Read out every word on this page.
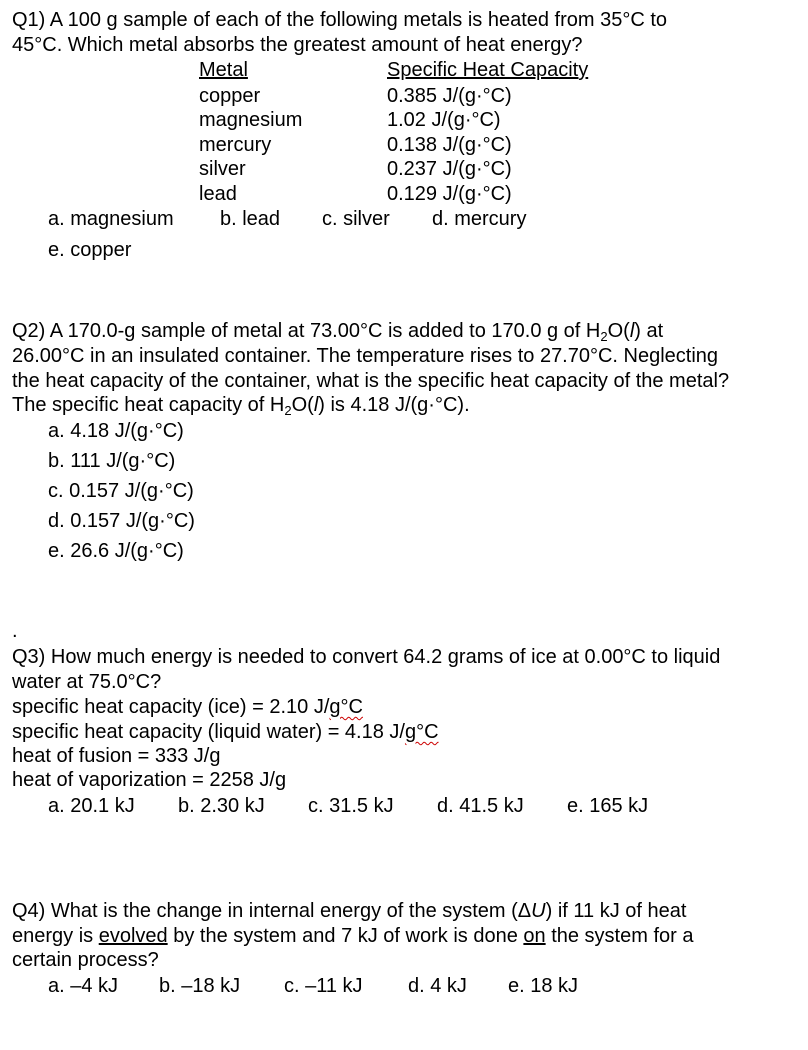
Q1) A 100 g sample of each of the following metals is heated from 35°C to
45°C. Which metal absorbs the greatest amount of heat energy?
Metal	Specific Heat Capacity
copper	0.385 J/(g·°C)
magnesium	1.02 J/(g·°C)
mercury	0.138 J/(g·°C)
silver	0.237 J/(g·°C)
lead	0.129 J/(g·°C)
a. magnesium b. lead c. silver d. mercury
e. copper
Q2) A 170.0-g sample of metal at 73.00°C is added to 170.0 g of $H_2O(l)$ at
26.00°C in an insulated container. The temperature rises to 27.70°C. Neglecting
the heat capacity of the container, what is the specific heat capacity of the metal?
The specific heat capacity of $H_2O(l)$ is 4.18 J/(g·°C).
a. 4.18 J/(g·°C)
b. 111 J/(g·°C)
c. 0.157 J/(g·°C)
d. 0.157 J/(g·°C)
e. 26.6 J/(g·°C)
.
Q3) How much energy is needed to convert 64.2 grams of ice at 0.00°C to liquid
water at 75.0°C?
specific heat capacity (ice) = 2.10 J/g°C
specific heat capacity (liquid water) = 4.18 J/g°C
heat of fusion = 333 J/g
heat of vaporization = 2258 J/g
a. 20.1 kJ b. 2.30 kJ c. 31.5 kJ d. 41.5 kJ e. 165 kJ
Q4) What is the change in internal energy of the system (ΔU) if 11 kJ of heat
energy is evolved by the system and 7 kJ of work is done on the system for a
certain process?
a. –4 kJ b. –18 kJ c. –11 kJ d. 4 kJ e. 18 kJ
